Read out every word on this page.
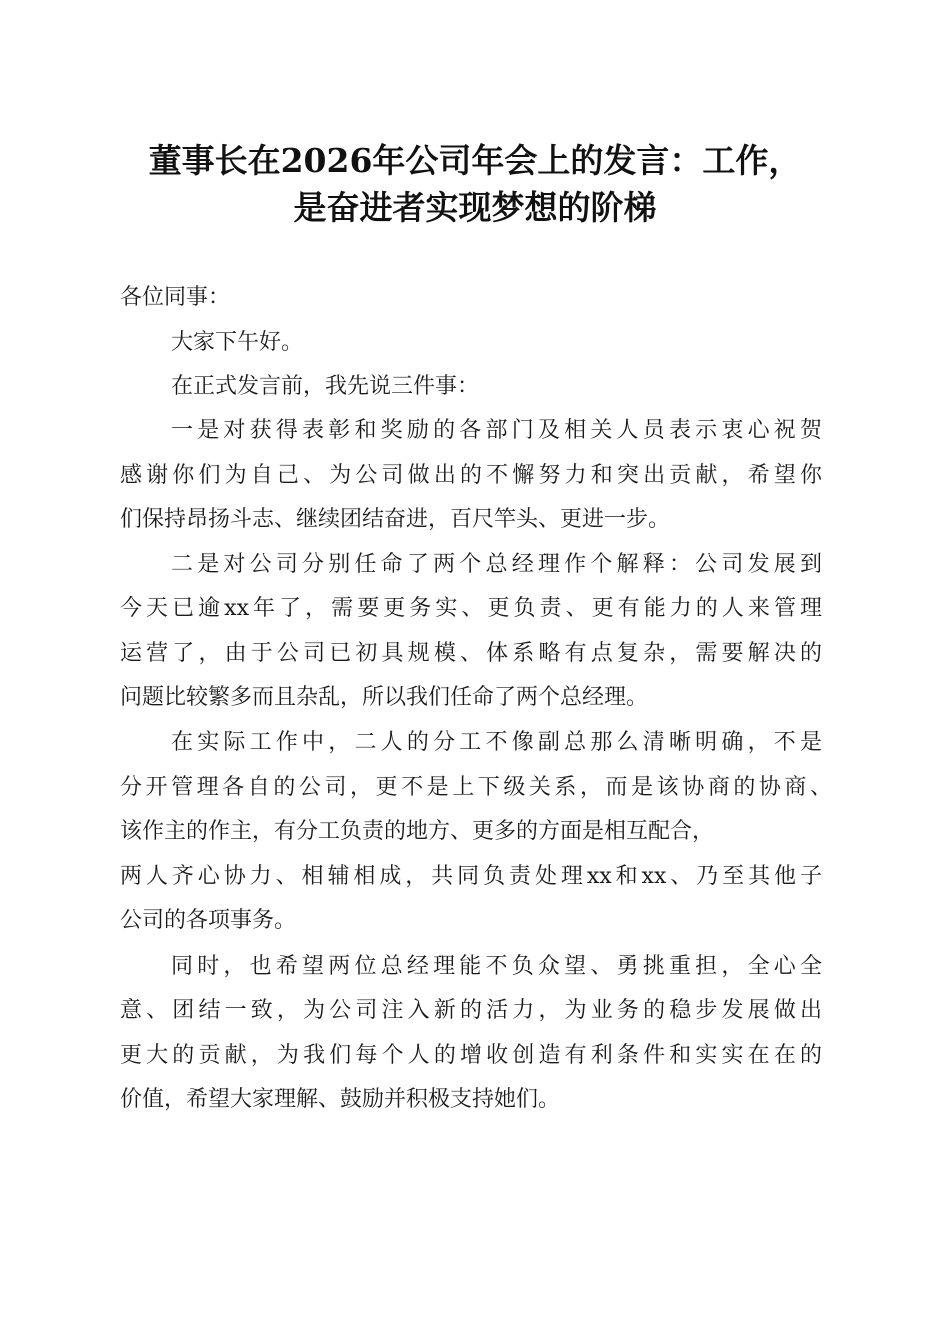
董事长在2026年公司年会上的发言：工作，
是奋进者实现梦想的阶梯
各位同事：
大家下午好。
在正式发言前，我先说三件事：
一是对获得表彰和奖励的各部门及相关人员表示衷心祝贺
感谢你们为自己、为公司做出的不懈努力和突出贡献，希望你
们保持昂扬斗志、继续团结奋进，百尺竿头、更进一步。
二是对公司分别任命了两个总经理作个解释：公司发展到
今天已逾xx年了，需要更务实、更负责、更有能力的人来管理
运营了，由于公司已初具规模、体系略有点复杂，需要解决的
问题比较繁多而且杂乱，所以我们任命了两个总经理。
在实际工作中，二人的分工不像副总那么清晰明确，不是
分开管理各自的公司，更不是上下级关系，而是该协商的协商、
该作主的作主，有分工负责的地方、更多的方面是相互配合，
两人齐心协力、相辅相成，共同负责处理xx和xx、乃至其他子
公司的各项事务。
同时，也希望两位总经理能不负众望、勇挑重担，全心全
意、团结一致，为公司注入新的活力，为业务的稳步发展做出
更大的贡献，为我们每个人的增收创造有利条件和实实在在的
价值，希望大家理解、鼓励并积极支持她们。
